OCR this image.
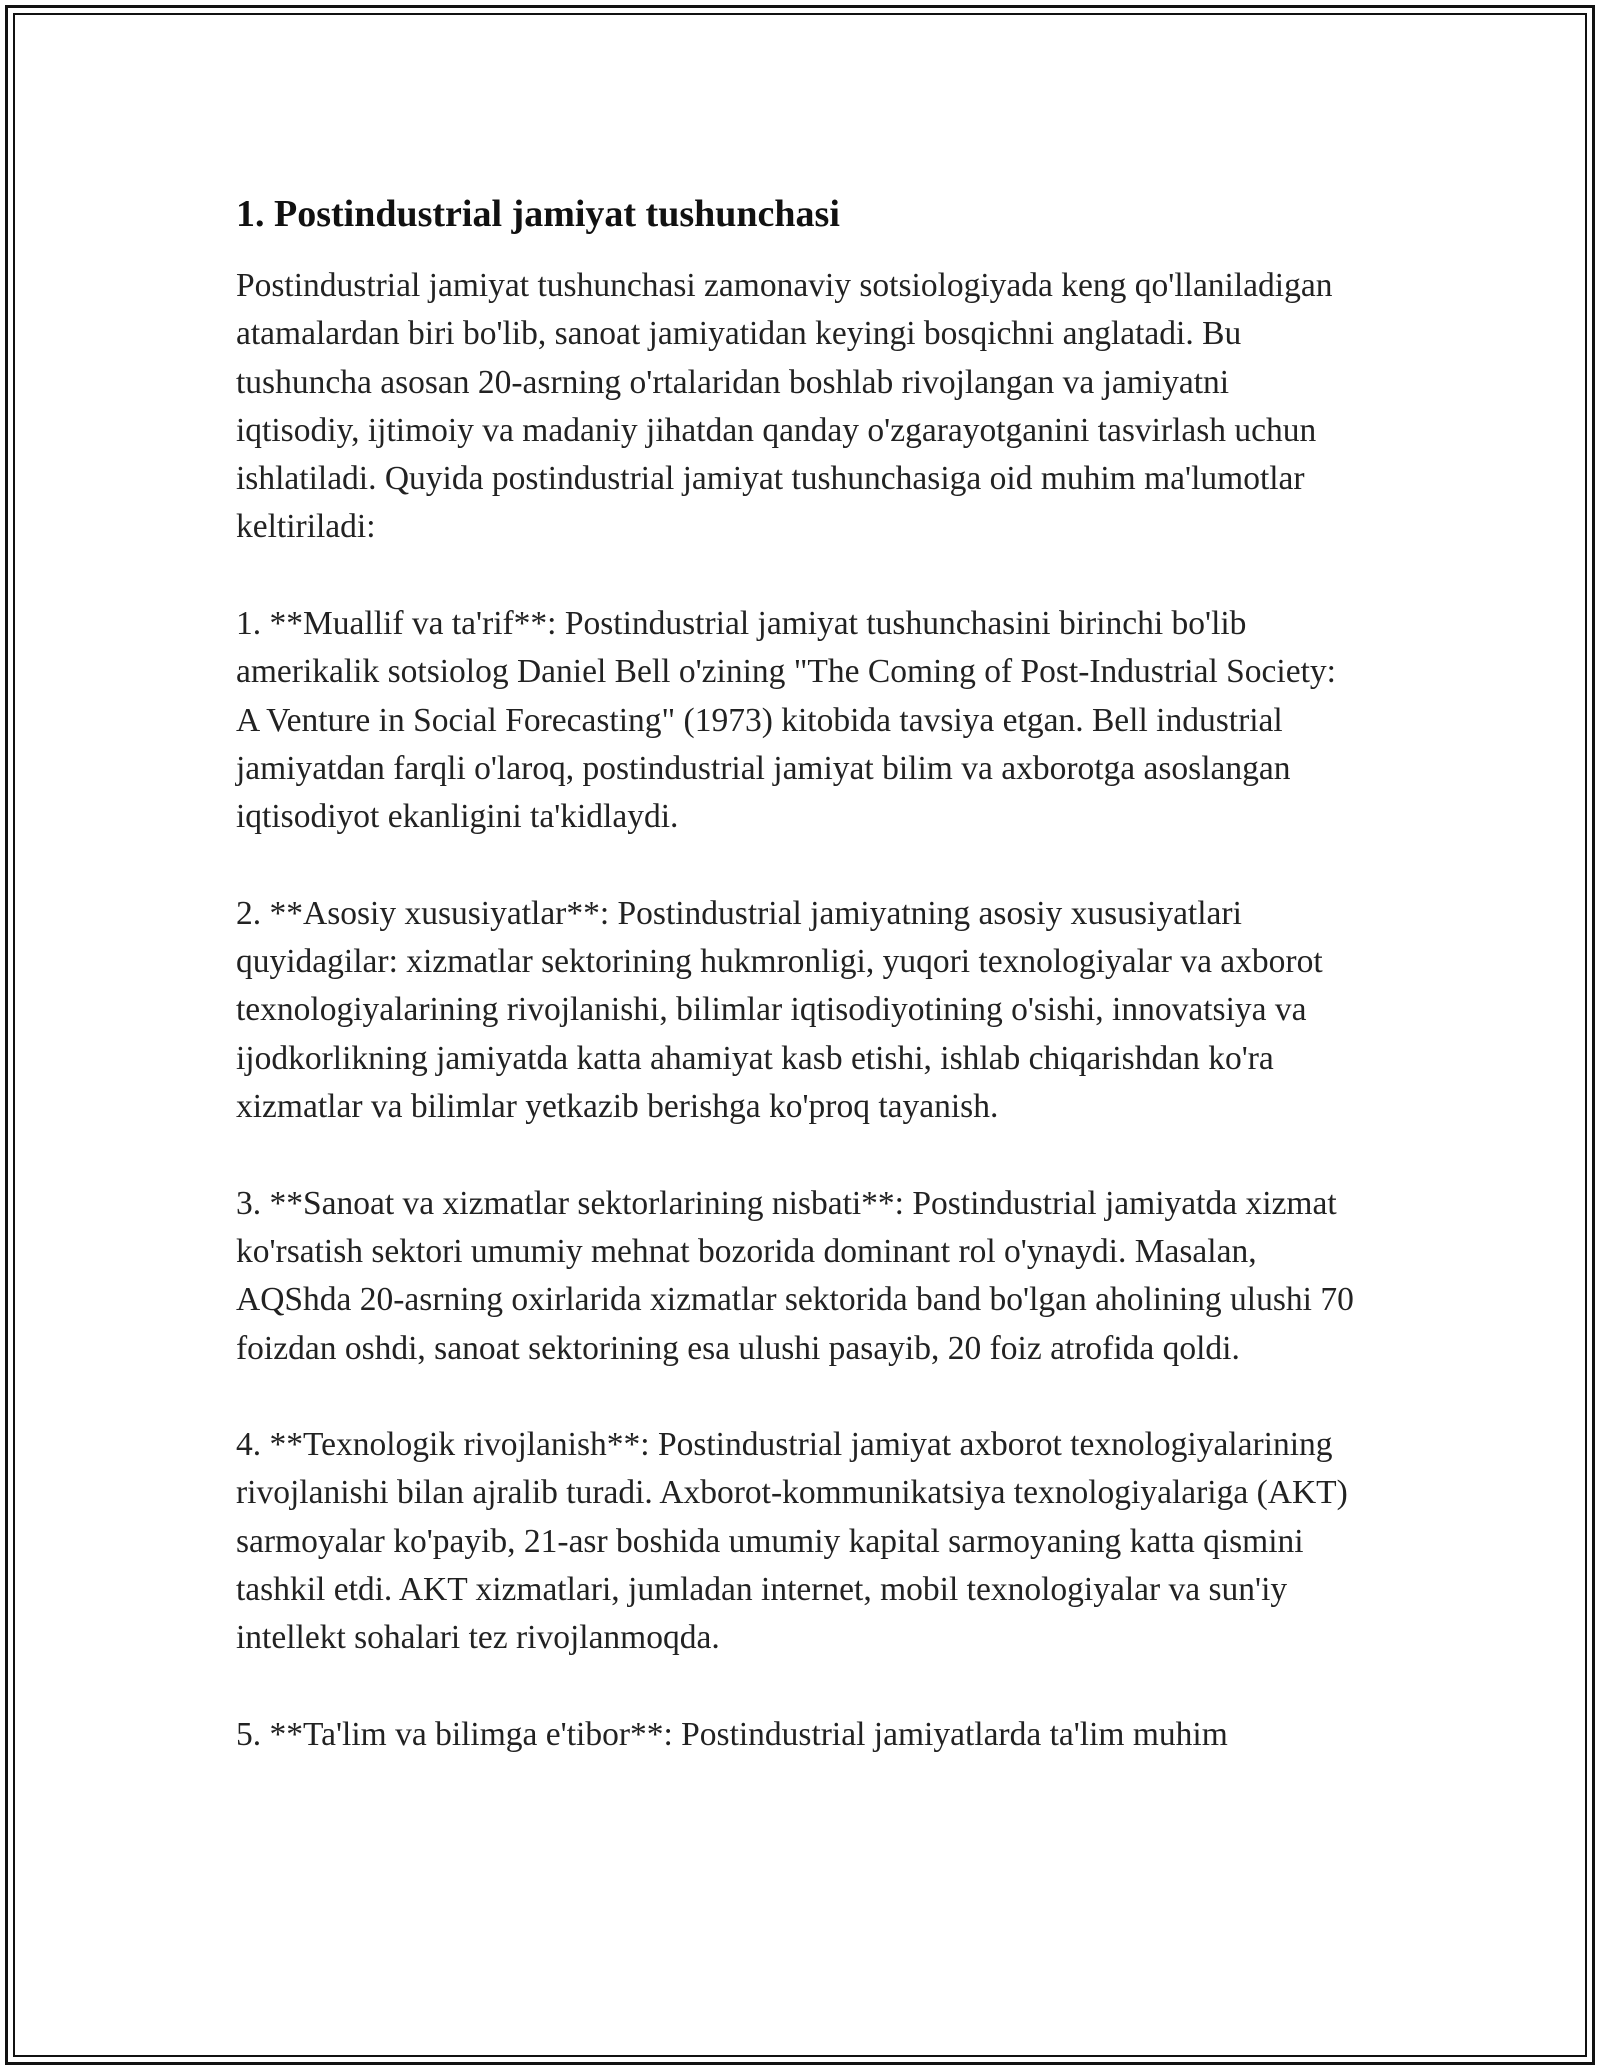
1. Postindustrial jamiyat tushunchasi

Postindustrial jamiyat tushunchasi zamonaviy sotsiologiyada keng qo'llaniladigan atamalardan biri bo'lib, sanoat jamiyatidan keyingi bosqichni anglatadi. Bu tushuncha asosan 20-asrning o'rtalaridan boshlab rivojlangan va jamiyatni iqtisodiy, ijtimoiy va madaniy jihatdan qanday o'zgarayotganini tasvirlash uchun ishlatiladi. Quyida postindustrial jamiyat tushunchasiga oid muhim ma'lumotlar keltiriladi:

1. **Muallif va ta'rif**: Postindustrial jamiyat tushunchasini birinchi bo'lib amerikalik sotsiolog Daniel Bell o'zining "The Coming of Post-Industrial Society: A Venture in Social Forecasting" (1973) kitobida tavsiya etgan. Bell industrial jamiyatdan farqli o'laroq, postindustrial jamiyat bilim va axborotga asoslangan iqtisodiyot ekanligini ta'kidlaydi.

2. **Asosiy xususiyatlar**: Postindustrial jamiyatning asosiy xususiyatlari quyidagilar: xizmatlar sektorining hukmronligi, yuqori texnologiyalar va axborot texnologiyalarining rivojlanishi, bilimlar iqtisodiyotining o'sishi, innovatsiya va ijodkorlikning jamiyatda katta ahamiyat kasb etishi, ishlab chiqarishdan ko'ra xizmatlar va bilimlar yetkazib berishga ko'proq tayanish.

3. **Sanoat va xizmatlar sektorlarining nisbati**: Postindustrial jamiyatda xizmat ko'rsatish sektori umumiy mehnat bozorida dominant rol o'ynaydi. Masalan, AQShda 20-asrning oxirlarida xizmatlar sektorida band bo'lgan aholining ulushi 70 foizdan oshdi, sanoat sektorining esa ulushi pasayib, 20 foiz atrofida qoldi.

4. **Texnologik rivojlanish**: Postindustrial jamiyat axborot texnologiyalarining rivojlanishi bilan ajralib turadi. Axborot-kommunikatsiya texnologiyalariga (AKT) sarmoyalar ko'payib, 21-asr boshida umumiy kapital sarmoyaning katta qismini tashkil etdi. AKT xizmatlari, jumladan internet, mobil texnologiyalar va sun'iy intellekt sohalari tez rivojlanmoqda.

5. **Ta'lim va bilimga e'tibor**: Postindustrial jamiyatlarda ta'lim muhim
